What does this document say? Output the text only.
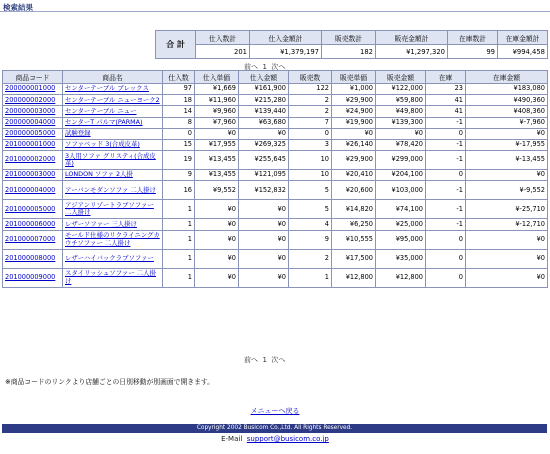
検索結果
合 計	仕入数計	仕入金額計	販売数計	販売金額計	在庫数計	在庫金額計
	201	¥1,379,197	182	¥1,297,320	99	¥994,458
前へ 1 次へ
商品コード	商品名	仕入数	仕入単価	仕入金額	販売数	販売単価	販売金額	在庫	在庫金額
200000001000	センターテーブル ブレックス	97	¥1,669	¥161,900	122	¥1,000	¥122,000	23	¥183,080
200000002000	センターテーブル ニューヨーク2	18	¥11,960	¥215,280	2	¥29,900	¥59,800	41	¥490,360
200000003000	センターテーブル ニュー	14	¥9,960	¥139,440	2	¥24,900	¥49,800	41	¥408,360
200000004000	センターT パルマ(PARMA)	8	¥7,960	¥63,680	7	¥19,900	¥139,300	-1	¥-7,960
200000005000	試験登録	0	¥0	¥0	0	¥0	¥0	0	¥0
201000001000	ソファベッド 3(合成皮革)	15	¥17,955	¥269,325	3	¥26,140	¥78,420	-1	¥-17,955
201000002000	3人用ソファ グリスティ(合成皮革)	19	¥13,455	¥255,645	10	¥29,900	¥299,000	-1	¥-13,455
201000003000	LONDON ソファ 2人掛	9	¥13,455	¥121,095	10	¥20,410	¥204,100	0	¥0
201000004000	アーバンモダンソファ 二人掛け	16	¥9,552	¥152,832	5	¥20,600	¥103,000	-1	¥-9,552
201000005000	アジアンリゾートラブソファー 二人掛け	1	¥0	¥0	5	¥14,820	¥74,100	-1	¥-25,710
201000006000	レザーソファー 三人掛け	1	¥0	¥0	4	¥6,250	¥25,000	-1	¥-12,710
201000007000	モールド仕様のリクライニングカウチソファー 二人掛け	1	¥0	¥0	9	¥10,555	¥95,000	0	¥0
201000008000	レザーハイバックラブソファー	1	¥0	¥0	2	¥17,500	¥35,000	0	¥0
201000009000	スタイリッシュソファー 二人掛け	1	¥0	¥0	1	¥12,800	¥12,800	0	¥0
前へ 1 次へ
※商品コードのリンクより店舗ごとの日別移動が別画面で開きます。
メニューへ戻る
Copyright 2002 Busicom Co.,Ltd. All Rights Reserved.
E-Mail support@busicom.co.jp
